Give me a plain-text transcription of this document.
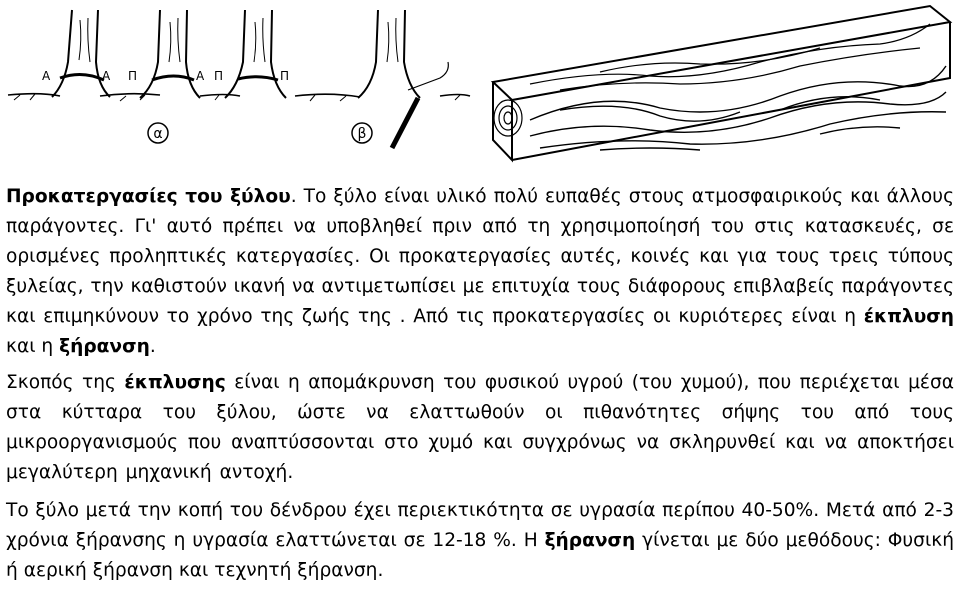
Α	Α Π	Α Π	Π
α	β

Προκατεργασίες του ξύλου. Το ξύλο είναι υλικό πολύ ευπαθές στους ατμοσφαιρικούς και άλλους παράγοντες. Γι' αυτό πρέπει να υποβληθεί πριν από τη χρησιμοποίησή του στις κατασκευές, σε ορισμένες προληπτικές κατεργασίες. Οι προκατεργασίες αυτές, κοινές και για τους τρεις τύπους ξυλείας, την καθιστούν ικανή να αντιμετωπίσει με επιτυχία τους διάφορους επιβλαβείς παράγοντες και επιμηκύνουν το χρόνο της ζωής της . Από τις προκατεργασίες οι κυριότερες είναι η έκπλυση και η ξήρανση.

Σκοπός της έκπλυσης είναι η απομάκρυνση του φυσικού υγρού (του χυμού), που περιέχεται μέσα στα κύτταρα του ξύλου, ώστε να ελαττωθούν οι πιθανότητες σήψης του από τους μικροοργανισμούς που αναπτύσσονται στο χυμό και συγχρόνως να σκληρυνθεί και να αποκτήσει μεγαλύτερη μηχανική αντοχή.

Το ξύλο μετά την κοπή του δένδρου έχει περιεκτικότητα σε υγρασία περίπου 40-50%. Μετά από 2-3 χρόνια ξήρανσης η υγρασία ελαττώνεται σε 12-18 %. Η ξήρανση γίνεται με δύο μεθόδους: Φυσική ή αερική ξήρανση και τεχνητή ξήρανση.
